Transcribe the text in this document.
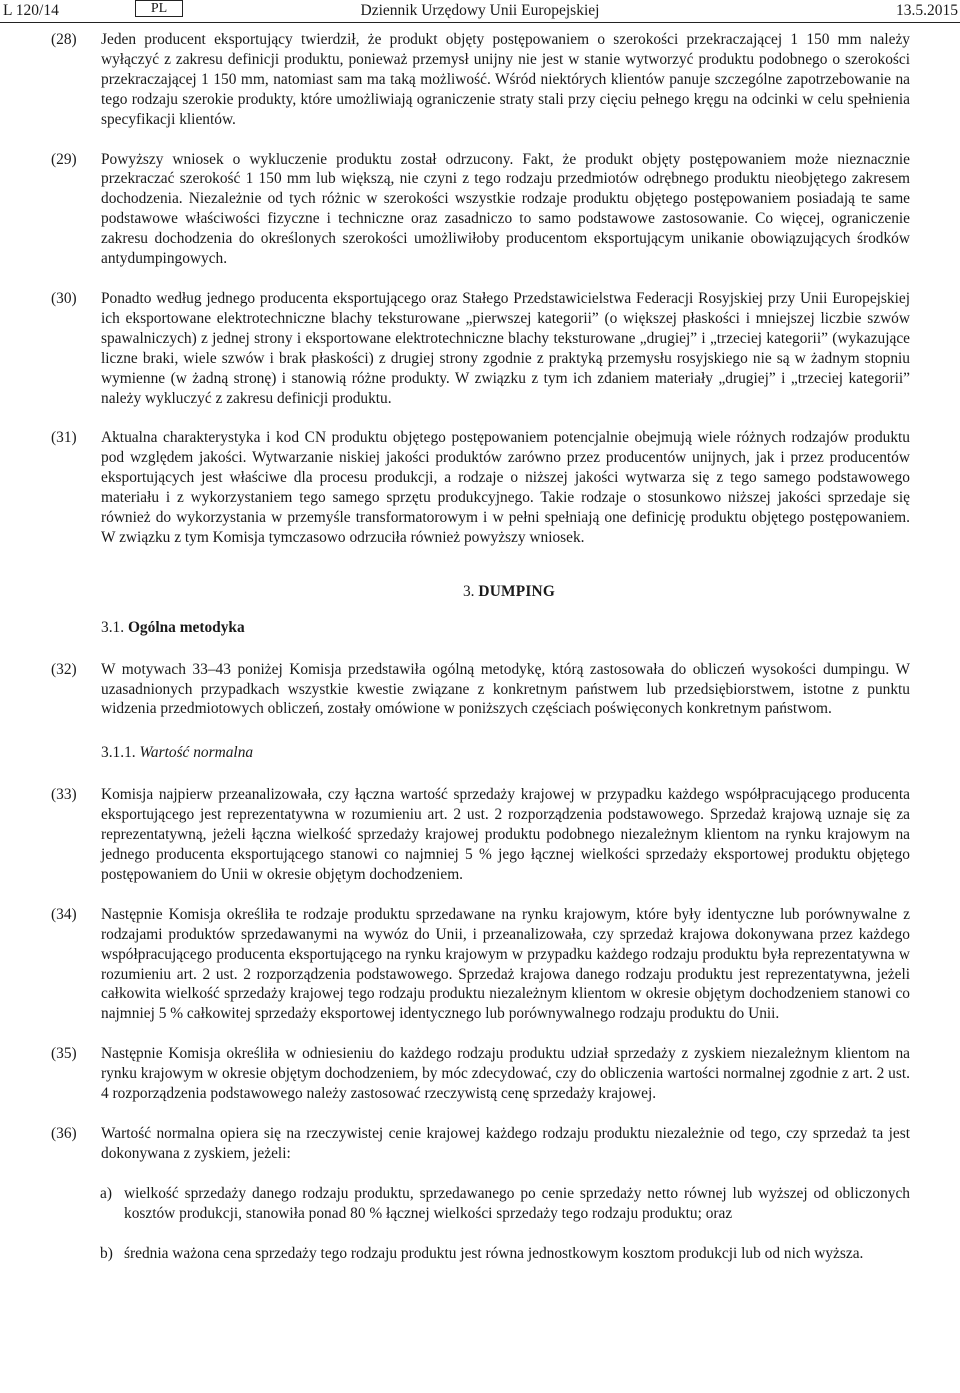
L 120/14	PL	Dziennik Urzędowy Unii Europejskiej	13.5.2015
(28) Jeden producent eksportujący twierdził, że produkt objęty postępowaniem o szerokości przekraczającej 1 150 mm należy wyłączyć z zakresu definicji produktu, ponieważ przemysł unijny nie jest w stanie wytworzyć produktu podobnego o szerokości przekraczającej 1 150 mm, natomiast sam ma taką możliwość. Wśród niektórych klientów panuje szczególne zapotrzebowanie na tego rodzaju szerokie produkty, które umożliwiają ograniczenie straty stali przy cięciu pełnego kręgu na odcinki w celu spełnienia specyfikacji klientów.
(29) Powyższy wniosek o wykluczenie produktu został odrzucony. Fakt, że produkt objęty postępowaniem może nieznacznie przekraczać szerokość 1 150 mm lub większą, nie czyni z tego rodzaju przedmiotów odrębnego produktu nieobjętego zakresem dochodzenia. Niezależnie od tych różnic w szerokości wszystkie rodzaje produktu objętego postępowaniem posiadają te same podstawowe właściwości fizyczne i techniczne oraz zasadniczo to samo podstawowe zastosowanie. Co więcej, ograniczenie zakresu dochodzenia do określonych szerokości umożliwiłoby producentom eksportującym unikanie obowiązujących środków antydumpingowych.
(30) Ponadto według jednego producenta eksportującego oraz Stałego Przedstawicielstwa Federacji Rosyjskiej przy Unii Europejskiej ich eksportowane elektrotechniczne blachy teksturowane „pierwszej kategorii” (o większej płaskości i mniejszej liczbie szwów spawalniczych) z jednej strony i eksportowane elektrotechniczne blachy teksturowane „drugiej” i „trzeciej kategorii” (wykazujące liczne braki, wiele szwów i brak płaskości) z drugiej strony zgodnie z praktyką przemysłu rosyjskiego nie są w żadnym stopniu wymienne (w żadną stronę) i stanowią różne produkty. W związku z tym ich zdaniem materiały „drugiej” i „trzeciej kategorii” należy wykluczyć z zakresu definicji produktu.
(31) Aktualna charakterystyka i kod CN produktu objętego postępowaniem potencjalnie obejmują wiele różnych rodzajów produktu pod względem jakości. Wytwarzanie niskiej jakości produktów zarówno przez producentów unijnych, jak i przez producentów eksportujących jest właściwe dla procesu produkcji, a rodzaje o niższej jakości wytwarza się z tego samego podstawowego materiału i z wykorzystaniem tego samego sprzętu produkcyjnego. Takie rodzaje o stosunkowo niższej jakości sprzedaje się również do wykorzystania w przemyśle transformatorowym i w pełni spełniają one definicję produktu objętego postępowaniem. W związku z tym Komisja tymczasowo odrzuciła również powyższy wniosek.
3. DUMPING
3.1. Ogólna metodyka
(32) W motywach 33–43 poniżej Komisja przedstawiła ogólną metodykę, którą zastosowała do obliczeń wysokości dumpingu. W uzasadnionych przypadkach wszystkie kwestie związane z konkretnym państwem lub przedsiębiorstwem, istotne z punktu widzenia przedmiotowych obliczeń, zostały omówione w poniższych częściach poświęconych konkretnym państwom.
3.1.1. Wartość normalna
(33) Komisja najpierw przeanalizowała, czy łączna wartość sprzedaży krajowej w przypadku każdego współpracującego producenta eksportującego jest reprezentatywna w rozumieniu art. 2 ust. 2 rozporządzenia podstawowego. Sprzedaż krajową uznaje się za reprezentatywną, jeżeli łączna wielkość sprzedaży krajowej produktu podobnego niezależnym klientom na rynku krajowym na jednego producenta eksportującego stanowi co najmniej 5 % jego łącznej wielkości sprzedaży eksportowej produktu objętego postępowaniem do Unii w okresie objętym dochodzeniem.
(34) Następnie Komisja określiła te rodzaje produktu sprzedawane na rynku krajowym, które były identyczne lub porównywalne z rodzajami produktów sprzedawanymi na wywóz do Unii, i przeanalizowała, czy sprzedaż krajowa dokonywana przez każdego współpracującego producenta eksportującego na rynku krajowym w przypadku każdego rodzaju produktu była reprezentatywna w rozumieniu art. 2 ust. 2 rozporządzenia podstawowego. Sprzedaż krajowa danego rodzaju produktu jest reprezentatywna, jeżeli całkowita wielkość sprzedaży krajowej tego rodzaju produktu niezależnym klientom w okresie objętym dochodzeniem stanowi co najmniej 5 % całkowitej sprzedaży eksportowej identycznego lub porównywalnego rodzaju produktu do Unii.
(35) Następnie Komisja określiła w odniesieniu do każdego rodzaju produktu udział sprzedaży z zyskiem niezależnym klientom na rynku krajowym w okresie objętym dochodzeniem, by móc zdecydować, czy do obliczenia wartości normalnej zgodnie z art. 2 ust. 4 rozporządzenia podstawowego należy zastosować rzeczywistą cenę sprzedaży krajowej.
(36) Wartość normalna opiera się na rzeczywistej cenie krajowej każdego rodzaju produktu niezależnie od tego, czy sprzedaż ta jest dokonywana z zyskiem, jeżeli:
a) wielkość sprzedaży danego rodzaju produktu, sprzedawanego po cenie sprzedaży netto równej lub wyższej od obliczonych kosztów produkcji, stanowiła ponad 80 % łącznej wielkości sprzedaży tego rodzaju produktu; oraz
b) średnia ważona cena sprzedaży tego rodzaju produktu jest równa jednostkowym kosztom produkcji lub od nich wyższa.
